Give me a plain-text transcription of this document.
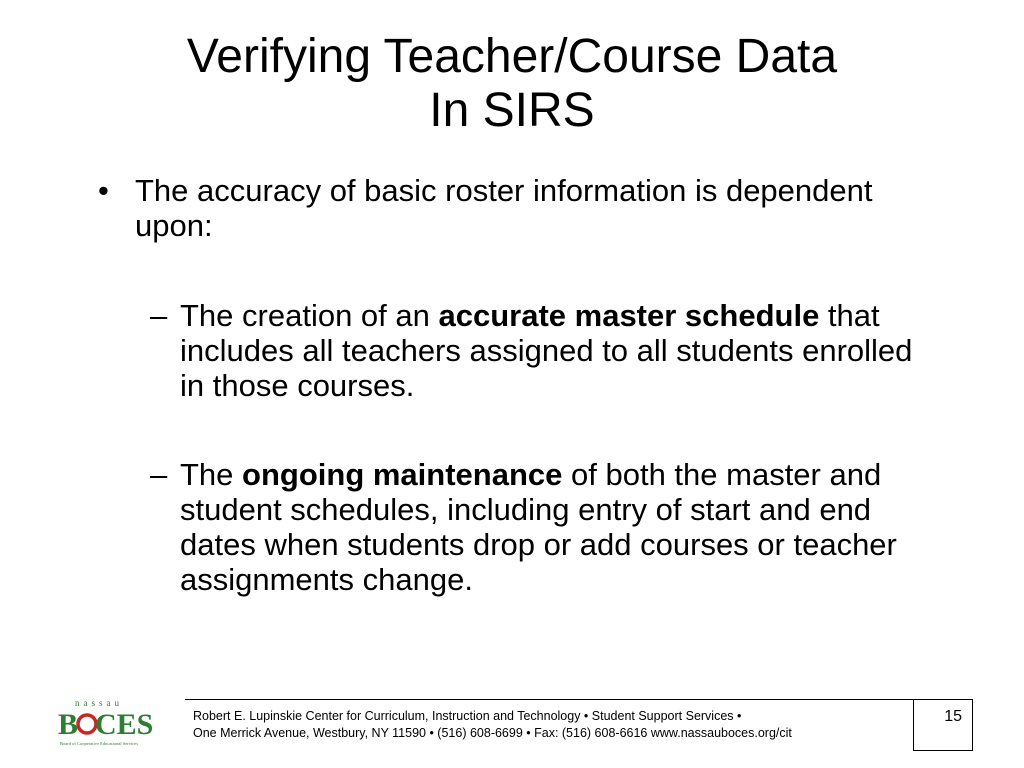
Verifying Teacher/Course Data
In SIRS
• The accuracy of basic roster information is dependent upon:
– The creation of an accurate master schedule that includes all teachers assigned to all students enrolled in those courses.
– The ongoing maintenance of both the master and student schedules, including entry of start and end dates when students drop or add courses or teacher assignments change.
nassau
B CES
Board of Cooperative Educational Services
Robert E. Lupinskie Center for Curriculum, Instruction and Technology • Student Support Services •
One Merrick Avenue, Westbury, NY 11590 • (516) 608-6699 • Fax: (516) 608-6616 www.nassauboces.org/cit
15
